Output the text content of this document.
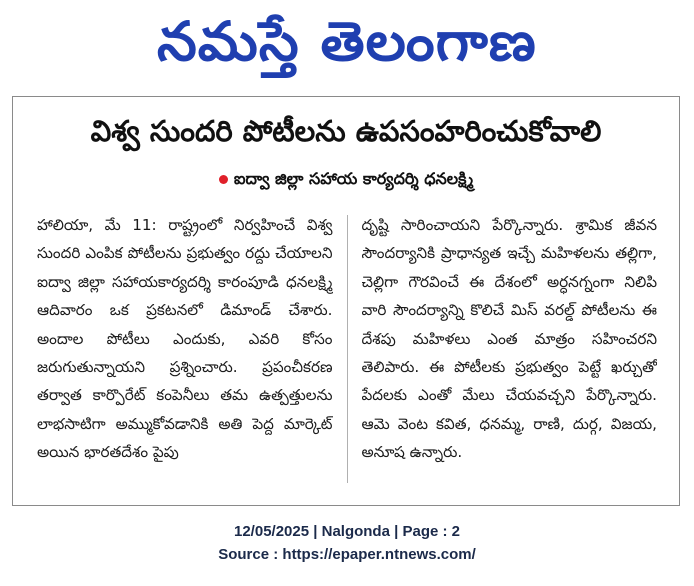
నమస్తే తెలంగాణ
విశ్వ సుందరి పోటీలను ఉపసంహరించుకోవాలి
ఐద్వా జిల్లా సహాయ కార్యదర్శి ధనలక్ష్మి
హాలియా, మే 11: రాష్ట్రంలో నిర్వహించే విశ్వ సుందరి ఎంపిక పోటీలను ప్రభుత్వం రద్దు చేయాలని ఐద్వా జిల్లా సహాయకార్యదర్శి కారంపూడి ధనలక్ష్మి ఆదివారం ఒక ప్రకటనలో డిమాండ్ చేశారు. అందాల పోటీలు ఎందుకు, ఎవరి కోసం జరుగుతున్నాయని ప్రశ్నించారు. ప్రపంచీకరణ తర్వాత కార్పొరేట్ కంపెనీలు తమ ఉత్పత్తులను లాభసాటిగా అమ్ముకోవడానికి అతి పెద్ద మార్కెట్ అయిన భారతదేశం పైపు
దృష్టి సారించాయని పేర్కొన్నారు. శ్రామిక జీవన సౌందర్యానికి ప్రాధాన్యత ఇచ్చే మహిళలను తల్లిగా, చెల్లిగా గౌరవించే ఈ దేశంలో అర్ధనగ్నంగా నిలిపి వారి సౌందర్యాన్ని కొలిచే మిస్ వరల్డ్ పోటీలను ఈ దేశపు మహిళలు ఎంత మాత్రం సహించరని తెలిపారు. ఈ పోటీలకు ప్రభుత్వం పెట్టే ఖర్చుతో పేదలకు ఎంతో మేలు చేయవచ్చని పేర్కొన్నారు. ఆమె వెంట కవిత, ధనమ్మ, రాణి, దుర్గ, విజయ, అనూష ఉన్నారు.
12/05/2025 | Nalgonda | Page : 2
Source : https://epaper.ntnews.com/
